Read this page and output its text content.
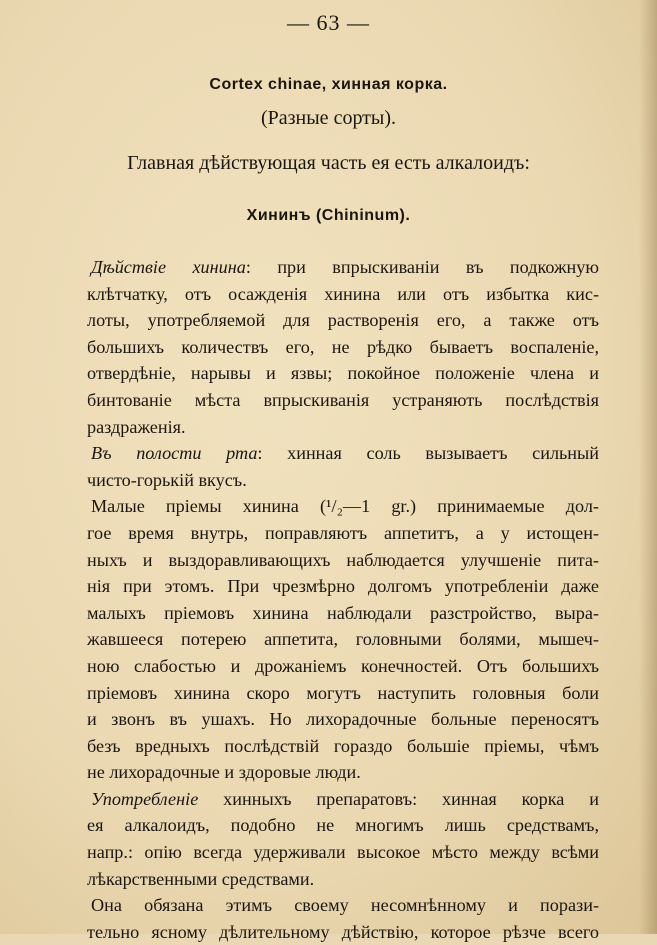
— 63 —
Cortex chinae, хинная корка.
(Разные сорты).
Главная дѣйствующая часть ея есть алкалоидъ:
Хининъ (Chininum).
Дѣйствіе хинина: при впрыскиваніи въ подкожную
клѣтчатку, отъ осажденія хинина или отъ избытка кис-
лоты, употребляемой для растворенія его, а также отъ
большихъ количествъ его, не рѣдко бываетъ воспаленіе,
отвердѣніе, нарывы и язвы; покойное положеніе члена и
бинтованіе мѣста впрыскиванія устраняють послѣдствія
раздраженія.
Въ полости рта: хинная соль вызываетъ сильный
чисто-горькій вкусъ.
Малые пріемы хинина (¹/₂—1 gr.) принимаемые дол-
гое время внутрь, поправляютъ аппетитъ, а у истощен-
ныхъ и выздоравливающихъ наблюдается улучшеніе пита-
нія при этомъ. При чрезмѣрно долгомъ употребленіи даже
малыхъ пріемовъ хинина наблюдали разстройство, выра-
жавшееся потерею аппетита, головными болями, мышеч-
ною слабостью и дрожаніемъ конечностей. Отъ большихъ
пріемовъ хинина скоро могутъ наступить головныя боли
и звонъ въ ушахъ. Но лихорадочные больные переносятъ
безъ вредныхъ послѣдствій гораздо большіе пріемы, чѣмъ
не лихорадочные и здоровые люди.
Употребленіе хинныхъ препаратовъ: хинная корка и
ея алкалоидъ, подобно не многимъ лишь средствамъ,
напр.: опію всегда удерживали высокое мѣсто между всѣми
лѣкарственными средствами.
Она обязана этимъ своему несомнѣнному и порази-
тельно ясному дѣлительному дѣйствію, которое рѣзче всего
